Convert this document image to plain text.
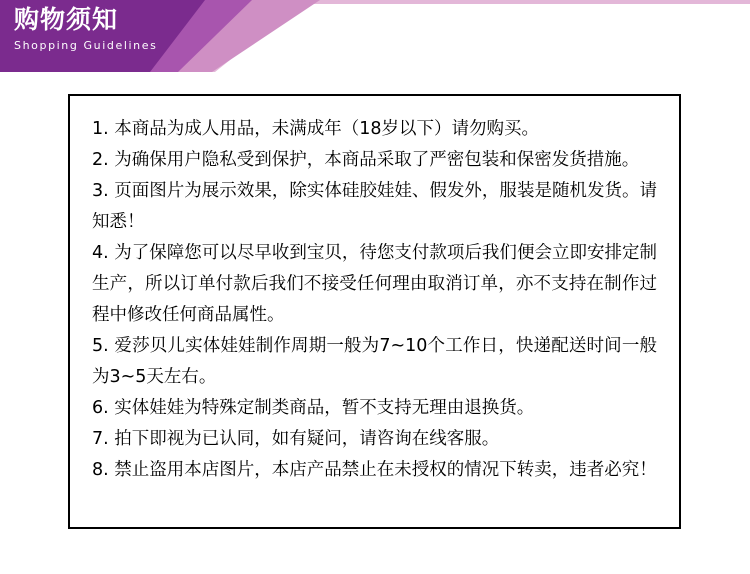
购物须知
Shopping Guidelines
1. 本商品为成人用品，未满成年（18岁以下）请勿购买。
2. 为确保用户隐私受到保护，本商品采取了严密包装和保密发货措施。
3. 页面图片为展示效果，除实体硅胶娃娃、假发外，服装是随机发货。请知悉！
4. 为了保障您可以尽早收到宝贝，待您支付款项后我们便会立即安排定制生产，所以订单付款后我们不接受任何理由取消订单，亦不支持在制作过程中修改任何商品属性。
5. 爱莎贝儿实体娃娃制作周期一般为7~10个工作日，快递配送时间一般为3~5天左右。
6. 实体娃娃为特殊定制类商品，暂不支持无理由退换货。
7. 拍下即视为已认同，如有疑问，请咨询在线客服。
8. 禁止盗用本店图片，本店产品禁止在未授权的情况下转卖，违者必究！
